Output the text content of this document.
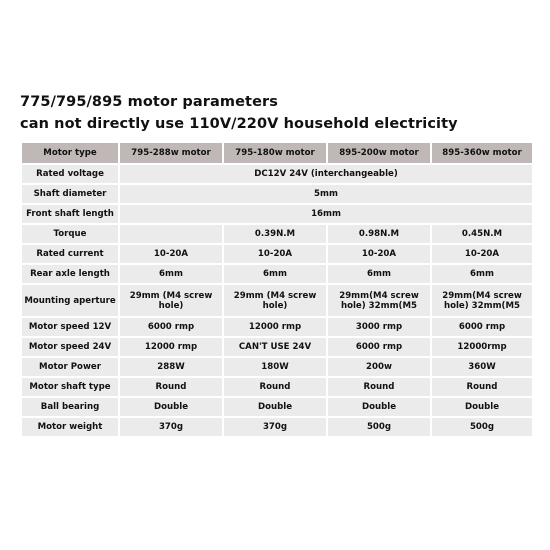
775/795/895 motor parameters
can not directly use 110V/220V household electricity
Motor type	795-288w motor	795-180w motor	895-200w motor	895-360w motor
Rated voltage	DC12V 24V (interchangeable)			
Shaft diameter	5mm			
Front shaft length	16mm			
Torque		0.39N.M	0.98N.M	0.45N.M
Rated current	10-20A	10-20A	10-20A	10-20A
Rear axle length	6mm	6mm	6mm	6mm
Mounting aperture	29mm (M4 screw hole)	29mm (M4 screw hole)	29mm(M4 screw hole) 32mm(M5	29mm(M4 screw hole) 32mm(M5
Motor speed 12V	6000 rmp	12000 rmp	3000 rmp	6000 rmp
Motor speed 24V	12000 rmp	CAN'T USE 24V	6000 rmp	12000rmp
Motor Power	288W	180W	200w	360W
Motor shaft type	Round	Round	Round	Round
Ball bearing	Double	Double	Double	Double
Motor weight	370g	370g	500g	500g
